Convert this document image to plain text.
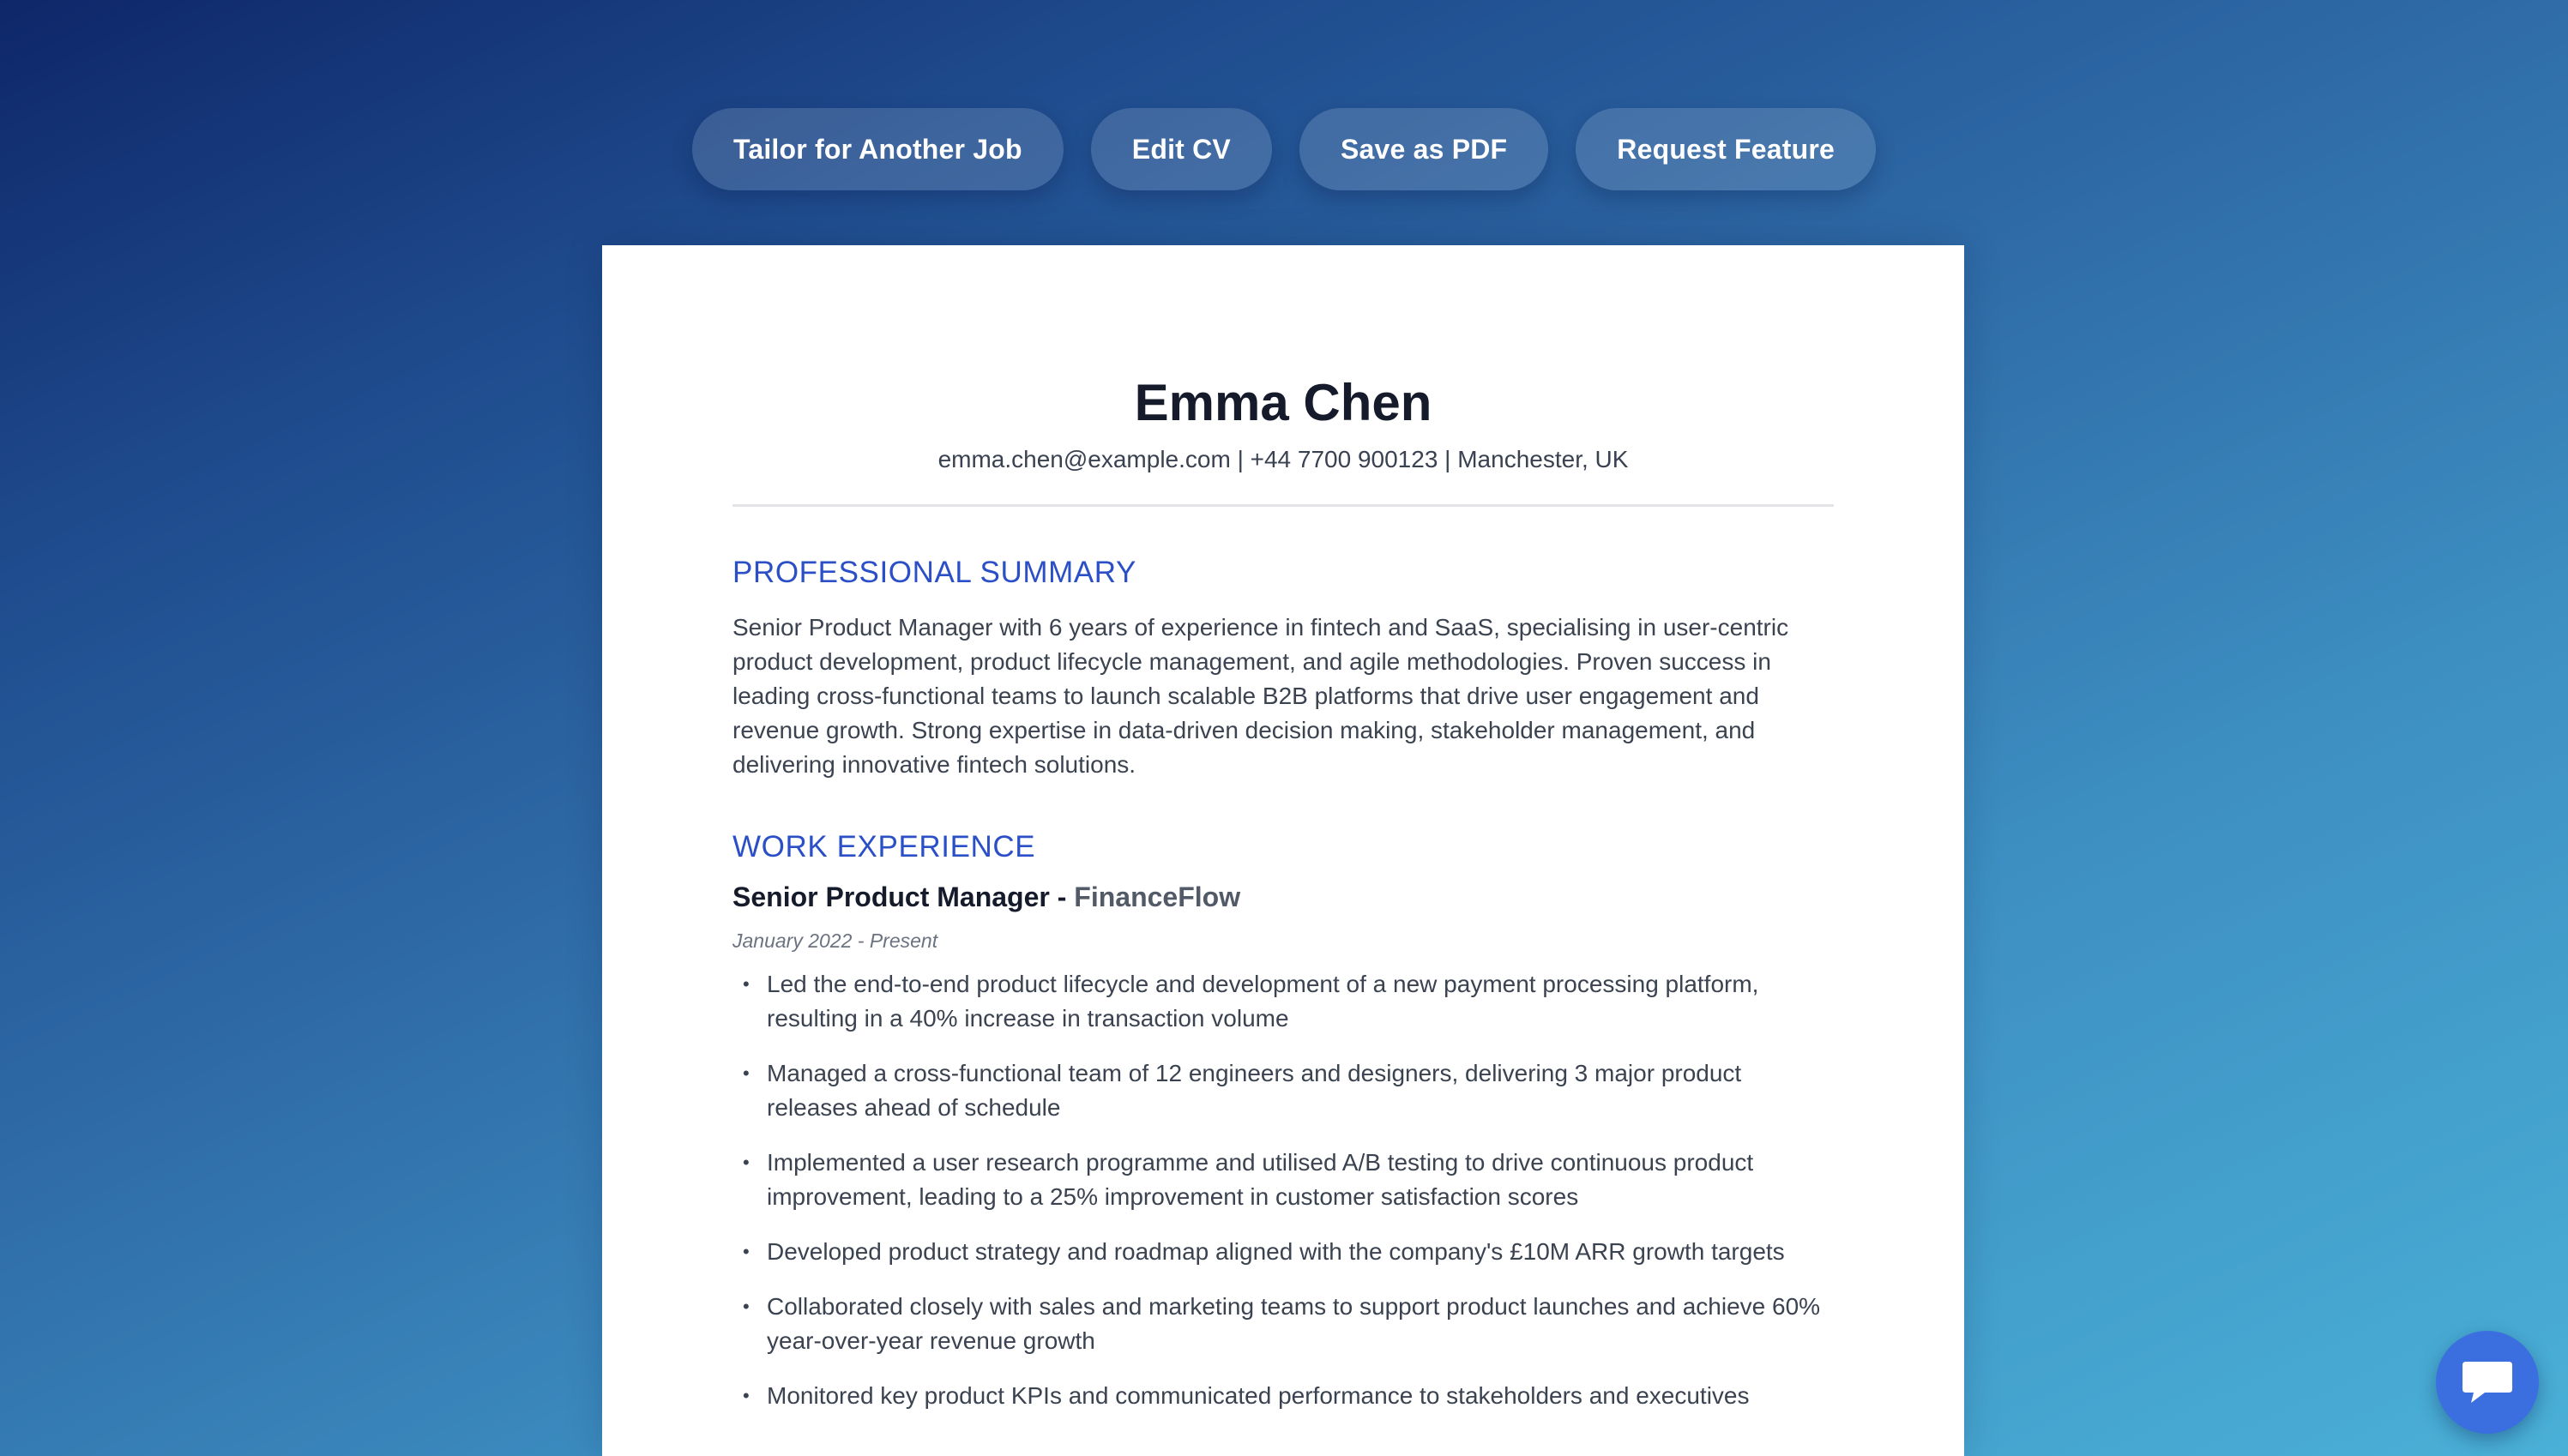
Tailor for Another Job	Edit CV	Save as PDF	Request Feature
Emma Chen
emma.chen@example.com | +44 7700 900123 | Manchester, UK
PROFESSIONAL SUMMARY

Senior Product Manager with 6 years of experience in fintech and SaaS, specialising in user-centric product development, product lifecycle management, and agile methodologies. Proven success in leading cross-functional teams to launch scalable B2B platforms that drive user engagement and revenue growth. Strong expertise in data-driven decision making, stakeholder management, and delivering innovative fintech solutions.

WORK EXPERIENCE
Senior Product Manager - FinanceFlow
January 2022 - Present
• Led the end-to-end product lifecycle and development of a new payment processing platform, resulting in a 40% increase in transaction volume
• Managed a cross-functional team of 12 engineers and designers, delivering 3 major product releases ahead of schedule
• Implemented a user research programme and utilised A/B testing to drive continuous product improvement, leading to a 25% improvement in customer satisfaction scores
• Developed product strategy and roadmap aligned with the company's £10M ARR growth targets
• Collaborated closely with sales and marketing teams to support product launches and achieve 60% year-over-year revenue growth
• Monitored key product KPIs and communicated performance to stakeholders and executives
